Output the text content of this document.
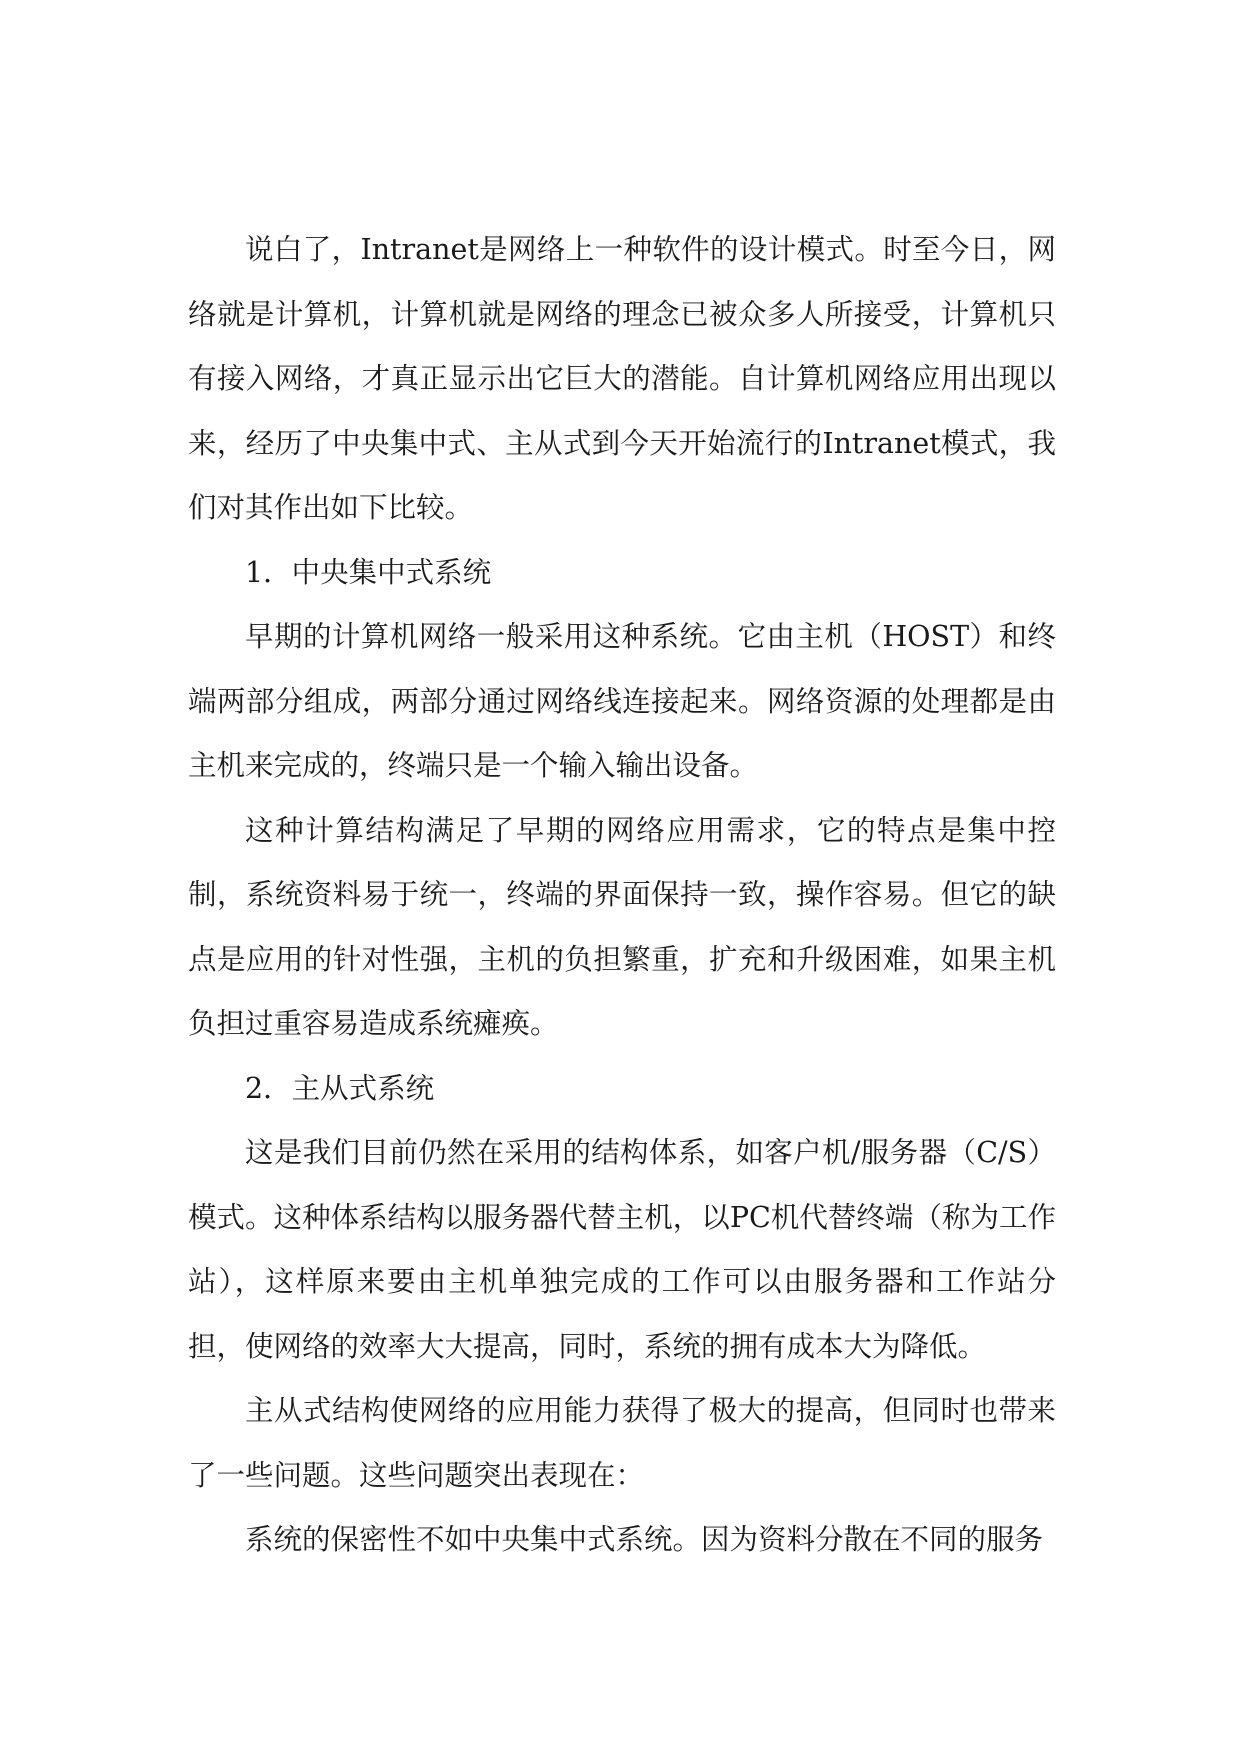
说白了，Intranet是网络上一种软件的设计模式。时至今日，网络就是计算机，计算机就是网络的理念已被众多人所接受，计算机只有接入网络，才真正显示出它巨大的潜能。自计算机网络应用出现以来，经历了中央集中式、主从式到今天开始流行的Intranet模式，我们对其作出如下比较。

1．中央集中式系统

早期的计算机网络一般采用这种系统。它由主机（HOST）和终端两部分组成，两部分通过网络线连接起来。网络资源的处理都是由主机来完成的，终端只是一个输入输出设备。

这种计算结构满足了早期的网络应用需求，它的特点是集中控制，系统资料易于统一，终端的界面保持一致，操作容易。但它的缺点是应用的针对性强，主机的负担繁重，扩充和升级困难，如果主机负担过重容易造成系统瘫痪。

2．主从式系统

这是我们目前仍然在采用的结构体系，如客户机/服务器（C/S）模式。这种体系结构以服务器代替主机，以PC机代替终端（称为工作站），这样原来要由主机单独完成的工作可以由服务器和工作站分担，使网络的效率大大提高，同时，系统的拥有成本大为降低。

主从式结构使网络的应用能力获得了极大的提高，但同时也带来了一些问题。这些问题突出表现在：

系统的保密性不如中央集中式系统。因为资料分散在不同的服务
